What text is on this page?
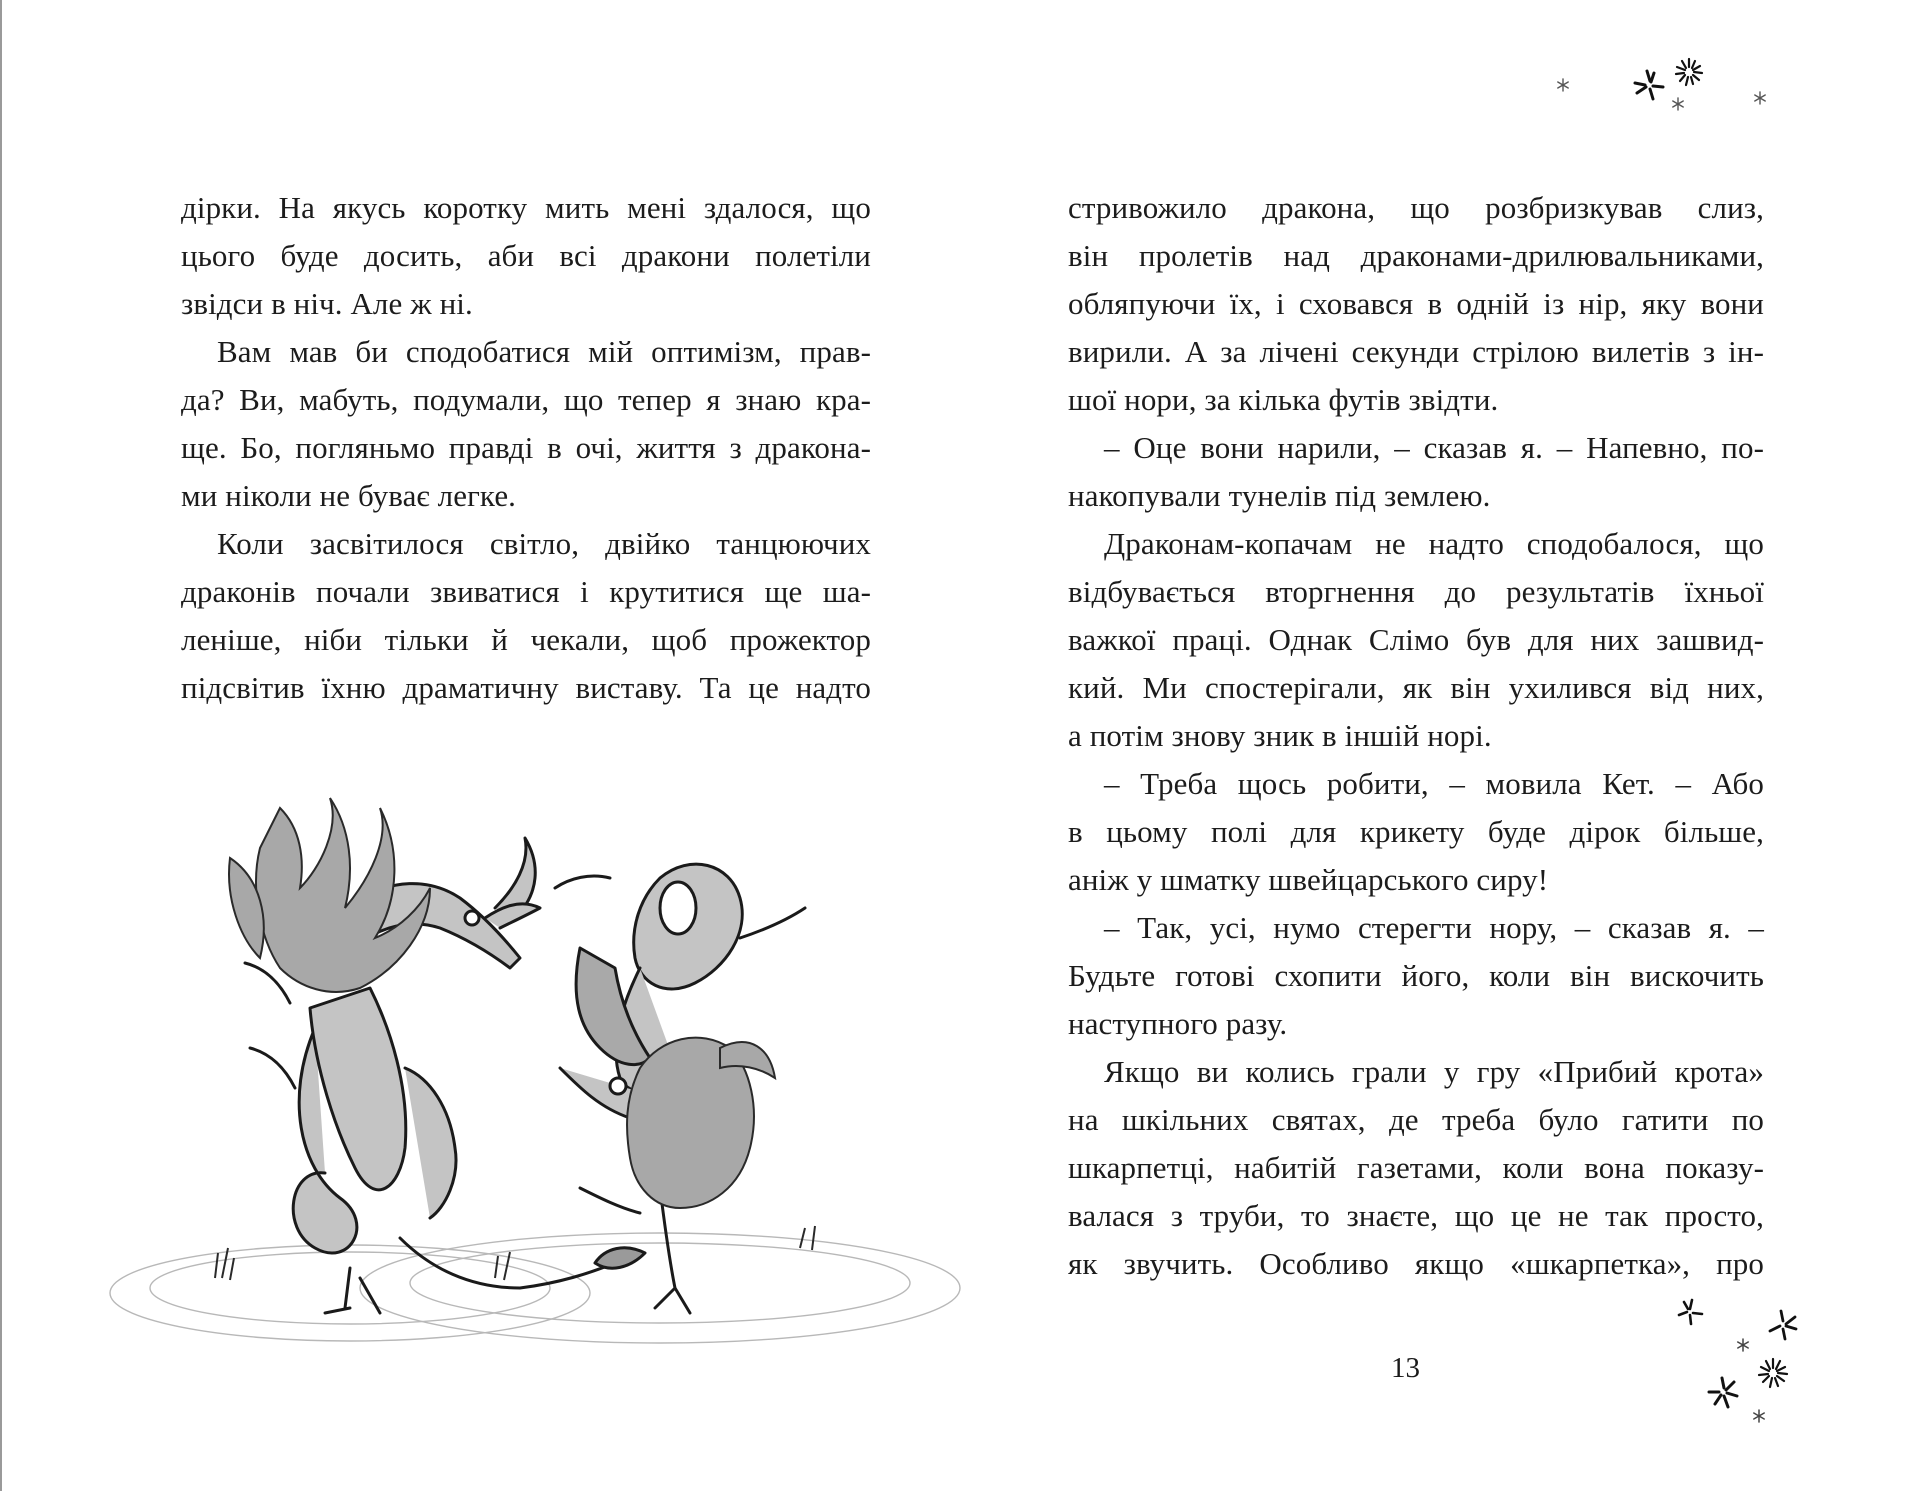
дірки. На якусь коротку мить мені здалося, що
цього буде досить, аби всі дракони полетіли
звідси в ніч. Але ж ні.
Вам мав би сподобатися мій оптимізм, прав-
да? Ви, мабуть, подумали, що тепер я знаю кра-
ще. Бо, погляньмо правді в очі, життя з дракона-
ми ніколи не буває легке.
Коли засвітилося світло, двійко танцюючих
драконів почали звиватися і крутитися ще ша-
леніше, ніби тільки й чекали, щоб прожектор
підсвітив їхню драматичну виставу. Та це надто
стривожило дракона, що розбризкував слиз,
він пролетів над драконами-дрилювальниками,
обляпуючи їх, і сховався в одній із нір, яку вони
вирили. А за лічені секунди стрілою вилетів з ін-
шої нори, за кілька футів звідти.
– Оце вони нарили, – сказав я. – Напевно, по-
накопували тунелів під землею.
Драконам-копачам не надто сподобалося, що
відбувається вторгнення до результатів їхньої
важкої праці. Однак Слімо був для них зашвид-
кий. Ми спостерігали, як він ухилився від них,
а потім знову зник в іншій норі.
– Треба щось робити, – мовила Кет. – Або
в цьому полі для крикету буде дірок більше,
аніж у шматку швейцарського сиру!
– Так, усі, нумо стерегти нору, – сказав я. –
Будьте готові схопити його, коли він вискочить
наступного разу.
Якщо ви колись грали у гру «Прибий крота»
на шкільних святах, де треба було гатити по
шкарпетці, набитій газетами, коли вона показу-
валася з труби, то знаєте, що це не так просто,
як звучить. Особливо якщо «шкарпетка», про
13
